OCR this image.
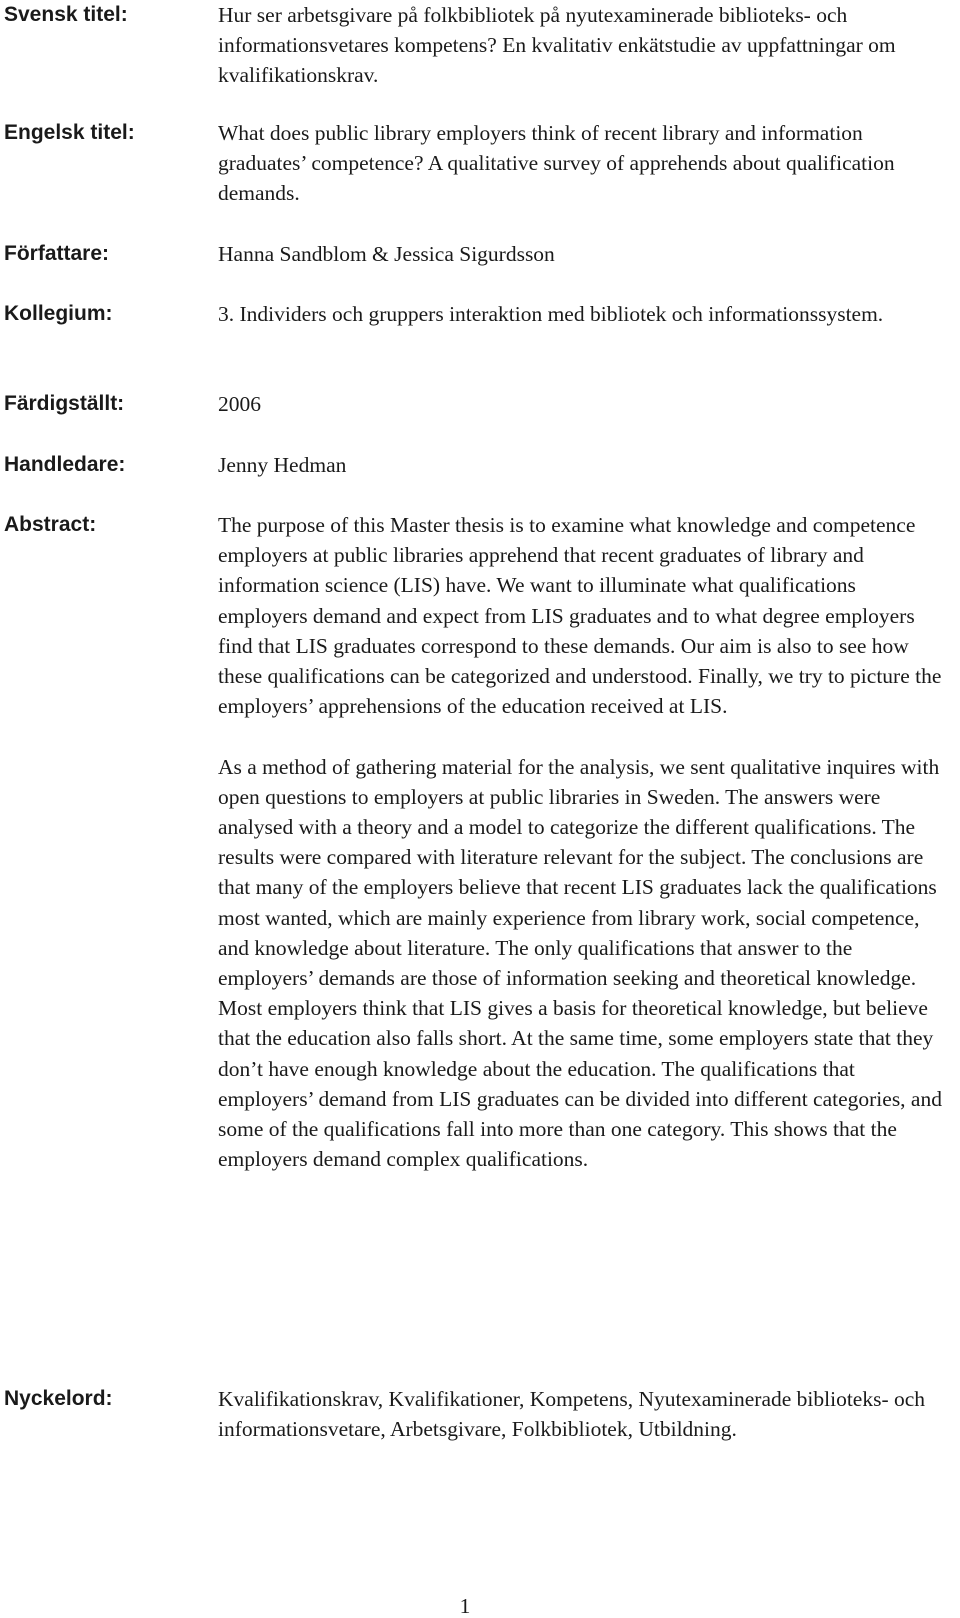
Svensk titel:	Hur ser arbetsgivare på folkbibliotek på nyutexaminerade biblioteks- och informationsvetares kompetens? En kvalitativ enkätstudie av uppfattningar om kvalifikationskrav.
Engelsk titel:	What does public library employers think of recent library and information graduates’ competence? A qualitative survey of apprehends about qualification demands.
Författare:	Hanna Sandblom & Jessica Sigurdsson
Kollegium:	3. Individers och gruppers interaktion med bibliotek och informationssystem.
Färdigställt:	2006
Handledare:	Jenny Hedman
Abstract:	The purpose of this Master thesis is to examine what knowledge and competence employers at public libraries apprehend that recent graduates of library and information science (LIS) have. We want to illuminate what qualifications employers demand and expect from LIS graduates and to what degree employers find that LIS graduates correspond to these demands. Our aim is also to see how these qualifications can be categorized and understood. Finally, we try to picture the employers’ apprehensions of the education received at LIS.

As a method of gathering material for the analysis, we sent qualitative inquires with open questions to employers at public libraries in Sweden. The answers were analysed with a theory and a model to categorize the different qualifications. The results were compared with literature relevant for the subject. The conclusions are that many of the employers believe that recent LIS graduates lack the qualifications most wanted, which are mainly experience from library work, social competence, and knowledge about literature. The only qualifications that answer to the employers’ demands are those of information seeking and theoretical knowledge. Most employers think that LIS gives a basis for theoretical knowledge, but believe that the education also falls short. At the same time, some employers state that they don’t have enough knowledge about the education. The qualifications that employers’ demand from LIS graduates can be divided into different categories, and some of the qualifications fall into more than one category. This shows that the employers demand complex qualifications.

Nyckelord:	Kvalifikationskrav, Kvalifikationer, Kompetens, Nyutexaminerade biblioteks- och informationsvetare, Arbetsgivare, Folkbibliotek, Utbildning.
1
